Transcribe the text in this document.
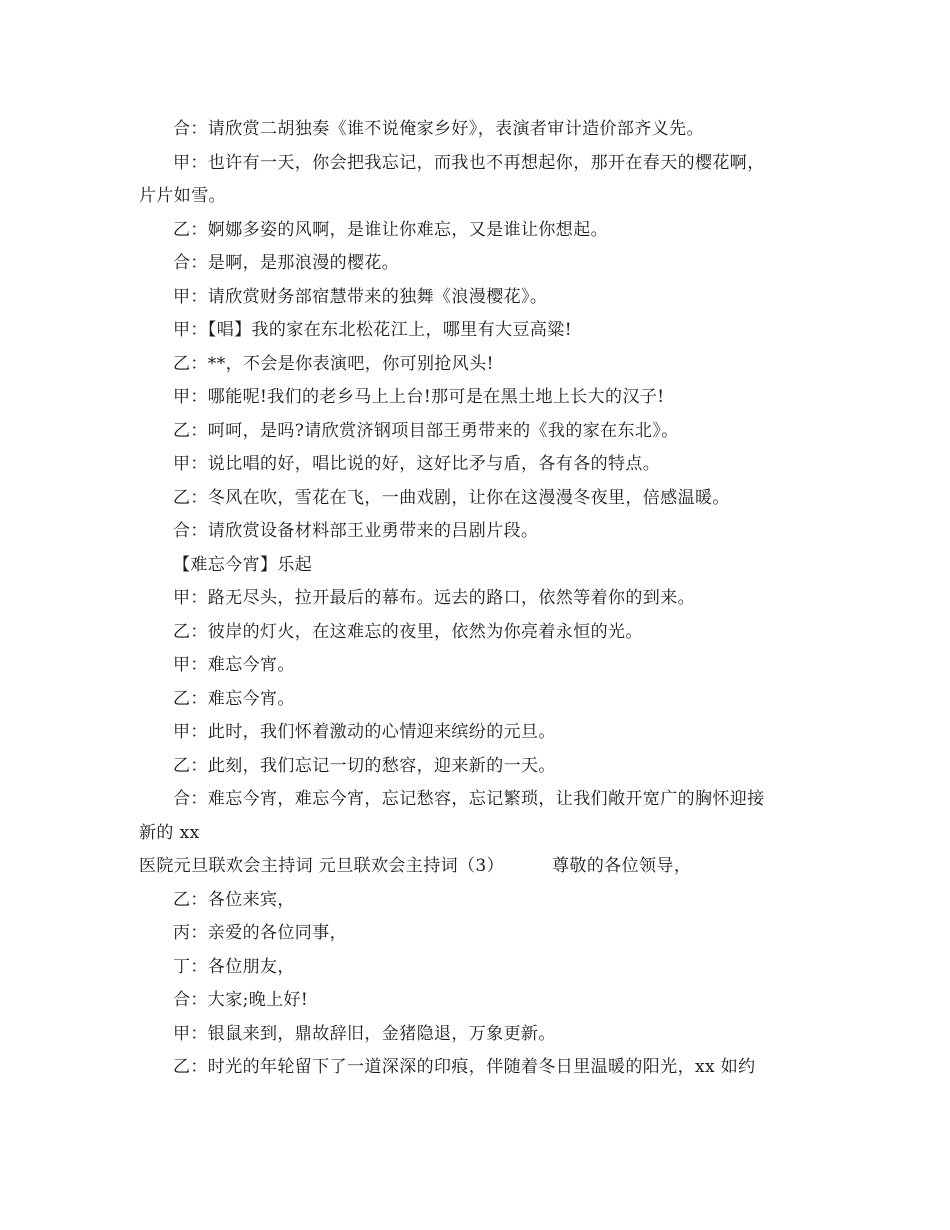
合：请欣赏二胡独奏《谁不说俺家乡好》，表演者审计造价部齐义先。
甲：也许有一天，你会把我忘记，而我也不再想起你，那开在春天的樱花啊，
片片如雪。
乙：婀娜多姿的风啊，是谁让你难忘，又是谁让你想起。
合：是啊，是那浪漫的樱花。
甲：请欣赏财务部宿慧带来的独舞《浪漫樱花》。
甲：【唱】我的家在东北松花江上，哪里有大豆高粱!
乙：**，不会是你表演吧，你可别抢风头!
甲：哪能呢!我们的老乡马上上台!那可是在黑土地上长大的汉子!
乙：呵呵，是吗?请欣赏济钢项目部王勇带来的《我的家在东北》。
甲：说比唱的好，唱比说的好，这好比矛与盾，各有各的特点。
乙：冬风在吹，雪花在飞，一曲戏剧，让你在这漫漫冬夜里，倍感温暖。
合：请欣赏设备材料部王业勇带来的吕剧片段。
【难忘今宵】乐起
甲：路无尽头，拉开最后的幕布。远去的路口，依然等着你的到来。
乙：彼岸的灯火，在这难忘的夜里，依然为你亮着永恒的光。
甲：难忘今宵。
乙：难忘今宵。
甲：此时，我们怀着激动的心情迎来缤纷的元旦。
乙：此刻，我们忘记一切的愁容，迎来新的一天。
合：难忘今宵，难忘今宵，忘记愁容，忘记繁琐，让我们敞开宽广的胸怀迎接
新的 xx
医院元旦联欢会主持词 元旦联欢会主持词（3）	尊敬的各位领导，
乙：各位来宾，
丙：亲爱的各位同事，
丁：各位朋友，
合：大家;晚上好!
甲：银鼠来到，鼎故辞旧，金猪隐退，万象更新。
乙：时光的年轮留下了一道深深的印痕，伴随着冬日里温暖的阳光，xx 如约
